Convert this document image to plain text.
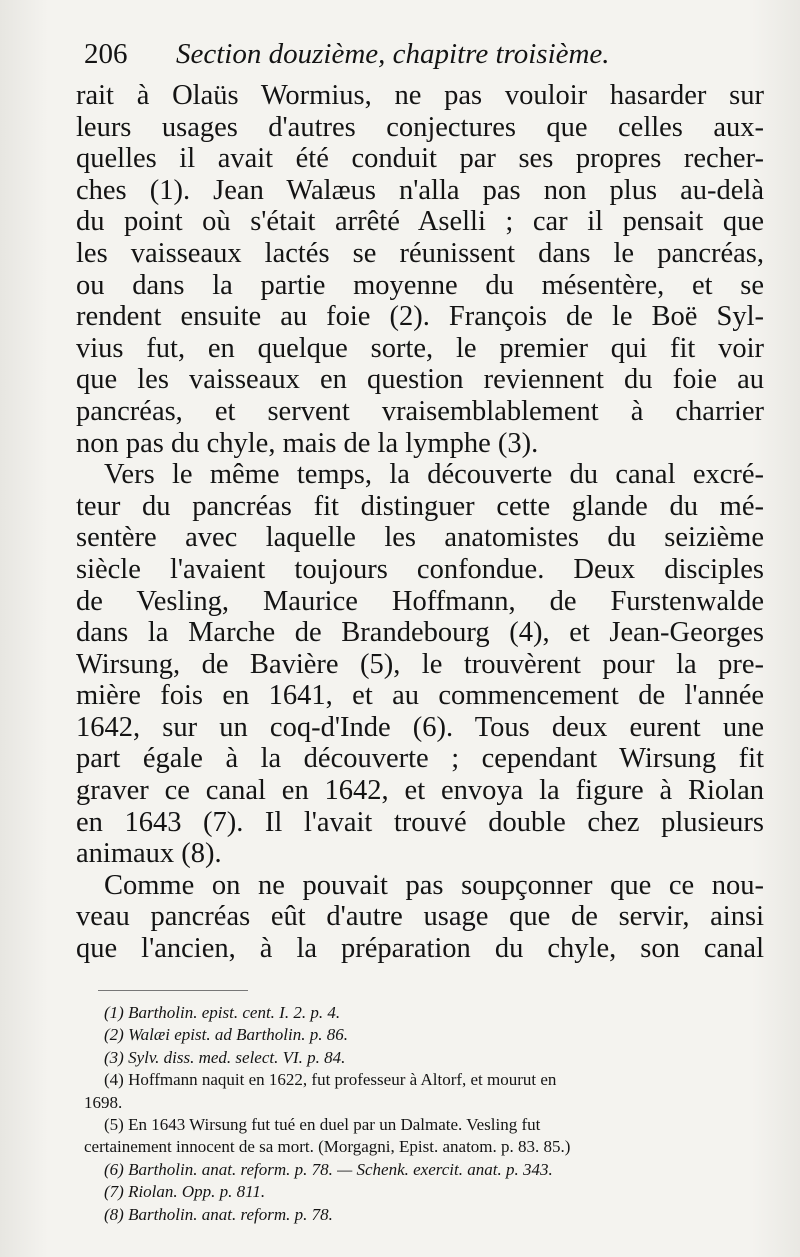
206 Section douzième, chapitre troisième.
rait à Olaüs Wormius, ne pas vouloir hasarder sur
leurs usages d'autres conjectures que celles aux-
quelles il avait été conduit par ses propres recher-
ches (1). Jean Walæus n'alla pas non plus au-delà
du point où s'était arrêté Aselli ; car il pensait que
les vaisseaux lactés se réunissent dans le pancréas,
ou dans la partie moyenne du mésentère, et se
rendent ensuite au foie (2). François de le Boë Syl-
vius fut, en quelque sorte, le premier qui fit voir
que les vaisseaux en question reviennent du foie au
pancréas, et servent vraisemblablement à charrier
non pas du chyle, mais de la lymphe (3).
Vers le même temps, la découverte du canal excré-
teur du pancréas fit distinguer cette glande du mé-
sentère avec laquelle les anatomistes du seizième
siècle l'avaient toujours confondue. Deux disciples
de Vesling, Maurice Hoffmann, de Furstenwalde
dans la Marche de Brandebourg (4), et Jean-Georges
Wirsung, de Bavière (5), le trouvèrent pour la pre-
mière fois en 1641, et au commencement de l'année
1642, sur un coq-d'Inde (6). Tous deux eurent une
part égale à la découverte ; cependant Wirsung fit
graver ce canal en 1642, et envoya la figure à Riolan
en 1643 (7). Il l'avait trouvé double chez plusieurs
animaux (8).
Comme on ne pouvait pas soupçonner que ce nou-
veau pancréas eût d'autre usage que de servir, ainsi
que l'ancien, à la préparation du chyle, son canal
(1) Bartholin. epist. cent. I. 2. p. 4.
(2) Walæi epist. ad Bartholin. p. 86.
(3) Sylv. diss. med. select. VI. p. 84.
(4) Hoffmann naquit en 1622, fut professeur à Altorf, et mourut en
1698.
(5) En 1643 Wirsung fut tué en duel par un Dalmate. Vesling fut
certainement innocent de sa mort. (Morgagni, Epist. anatom. p. 83. 85.)
(6) Bartholin. anat. reform. p. 78. — Schenk. exercit. anat. p. 343.
(7) Riolan. Opp. p. 811.
(8) Bartholin. anat. reform. p. 78.
